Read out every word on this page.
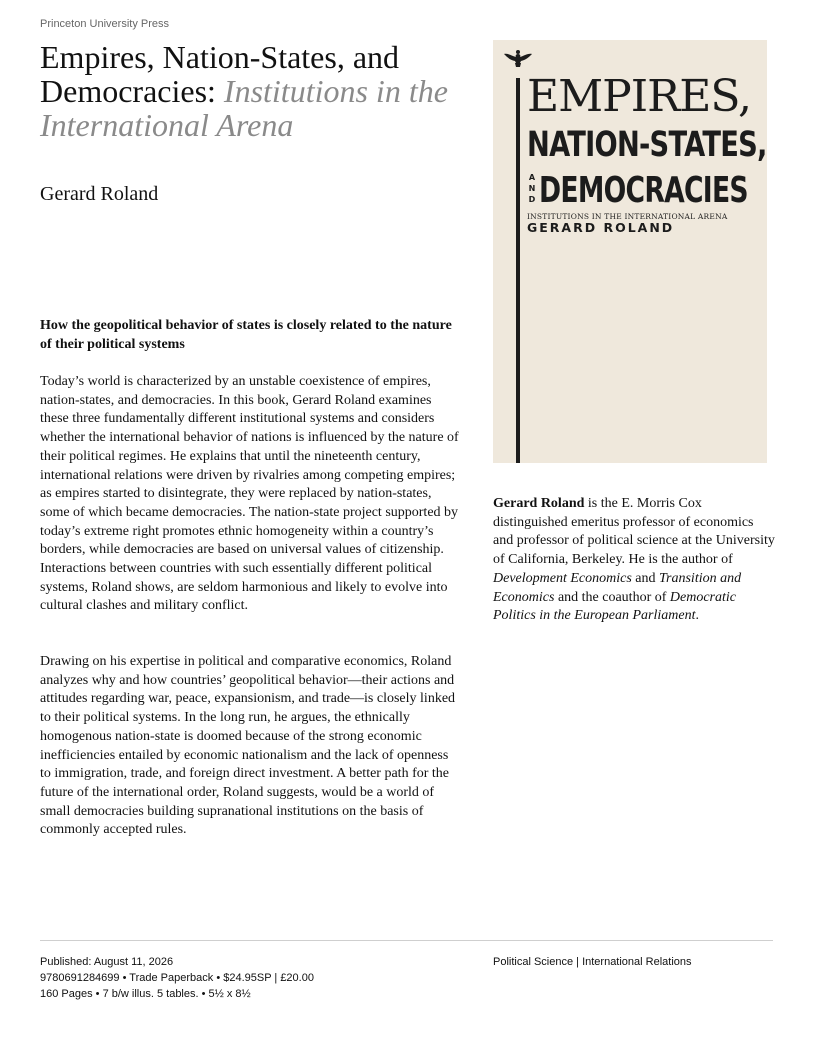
Princeton University Press
Empires, Nation-States, and Democracies: Institutions in the International Arena
Gerard Roland
How the geopolitical behavior of states is closely related to the nature of their political systems

Today’s world is characterized by an unstable coexistence of empires, nation-states, and democracies. In this book, Gerard Roland examines these three fundamentally different institutional systems and considers whether the international behavior of nations is influenced by the nature of their political regimes. He explains that until the nineteenth century, international relations were driven by rivalries among competing empires; as empires started to disintegrate, they were replaced by nation-states, some of which became democracies. The nation-state project supported by today’s extreme right promotes ethnic homogeneity within a country’s borders, while democracies are based on universal values of citizenship. Interactions between countries with such essentially different political systems, Roland shows, are seldom harmonious and likely to evolve into cultural clashes and military conflict.

Drawing on his expertise in political and comparative economics, Roland analyzes why and how countries’ geopolitical behavior—their actions and attitudes regarding war, peace, expansionism, and trade—is closely linked to their political systems. In the long run, he argues, the ethnically homogenous nation-state is doomed because of the strong economic inefficiencies entailed by economic nationalism and the lack of openness to immigration, trade, and foreign direct investment. A better path for the future of the international order, Roland suggests, would be a world of small democracies building supranational institutions on the basis of commonly accepted rules.

EMPIRES,
NATION-STATES,
A
N
D DEMOCRACIES
INSTITUTIONS IN THE INTERNATIONAL ARENA
GERARD ROLAND

Gerard Roland is the E. Morris Cox distinguished emeritus professor of economics and professor of political science at the University of California, Berkeley. He is the author of Development Economics and Transition and Economics and the coauthor of Democratic Politics in the European Parliament.

Published: August 11, 2026
9780691284699 • Trade Paperback • $24.95SP | £20.00
160 Pages • 7 b/w illus. 5 tables. • 5½ x 8½
Political Science | International Relations
